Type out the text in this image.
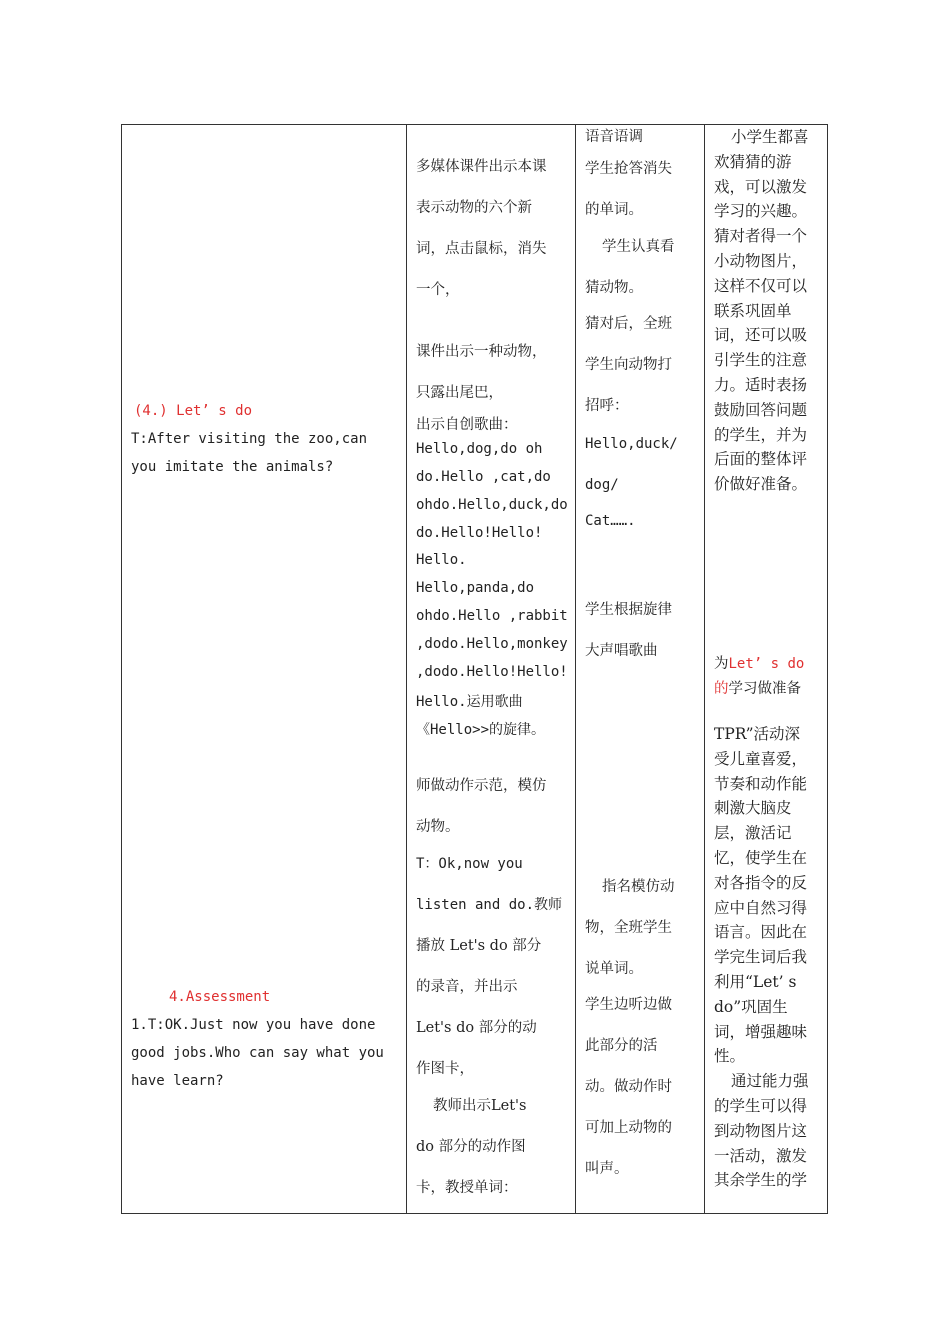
(4.) Let’ s do
T:After visiting the zoo,can
you imitate the animals?
4.Assessment
1.T:OK.Just now you have done
good jobs.Who can say what you
have learn?
多媒体课件出示本课
表示动物的六个新
词，点击鼠标，消失
一个，
课件出示一种动物，
只露出尾巴，
出示自创歌曲：
Hello,dog,do oh
do.Hello ,cat,do
ohdo.Hello,duck,do
do.Hello!Hello!
Hello.
Hello,panda,do
ohdo.Hello ,rabbit
,dodo.Hello,monkey
,dodo.Hello!Hello!
Hello.运用歌曲
《Hello>>的旋律。
师做动作示范，模仿
动物。
T：Ok,now you
listen and do.教师
播放 Let's do 部分
的录音，并出示
Let's do 部分的动
作图卡，
教师出示Let's
do 部分的动作图
卡，教授单词：
语音语调
学生抢答消失
的单词。
学生认真看
猜动物。
猜对后，全班
学生向动物打
招呼：
Hello,duck/
dog/
Cat…….
学生根据旋律
大声唱歌曲
指名模仿动
物，全班学生
说单词。
学生边听边做
此部分的活
动。做动作时
可加上动物的
叫声。
小学生都喜
欢猜猜的游
戏，可以激发
学习的兴趣。
猜对者得一个
小动物图片，
这样不仅可以
联系巩固单
词，还可以吸
引学生的注意
力。适时表扬
鼓励回答问题
的学生，并为
后面的整体评
价做好准备。
为Let’ s do
的学习做准备
TPR”活动深
受儿童喜爱，
节奏和动作能
刺激大脑皮
层，激活记
忆，使学生在
对各指令的反
应中自然习得
语言。因此在
学完生词后我
利用“Let’ s
do”巩固生
词，增强趣味
性。
通过能力强
的学生可以得
到动物图片这
一活动，激发
其余学生的学
